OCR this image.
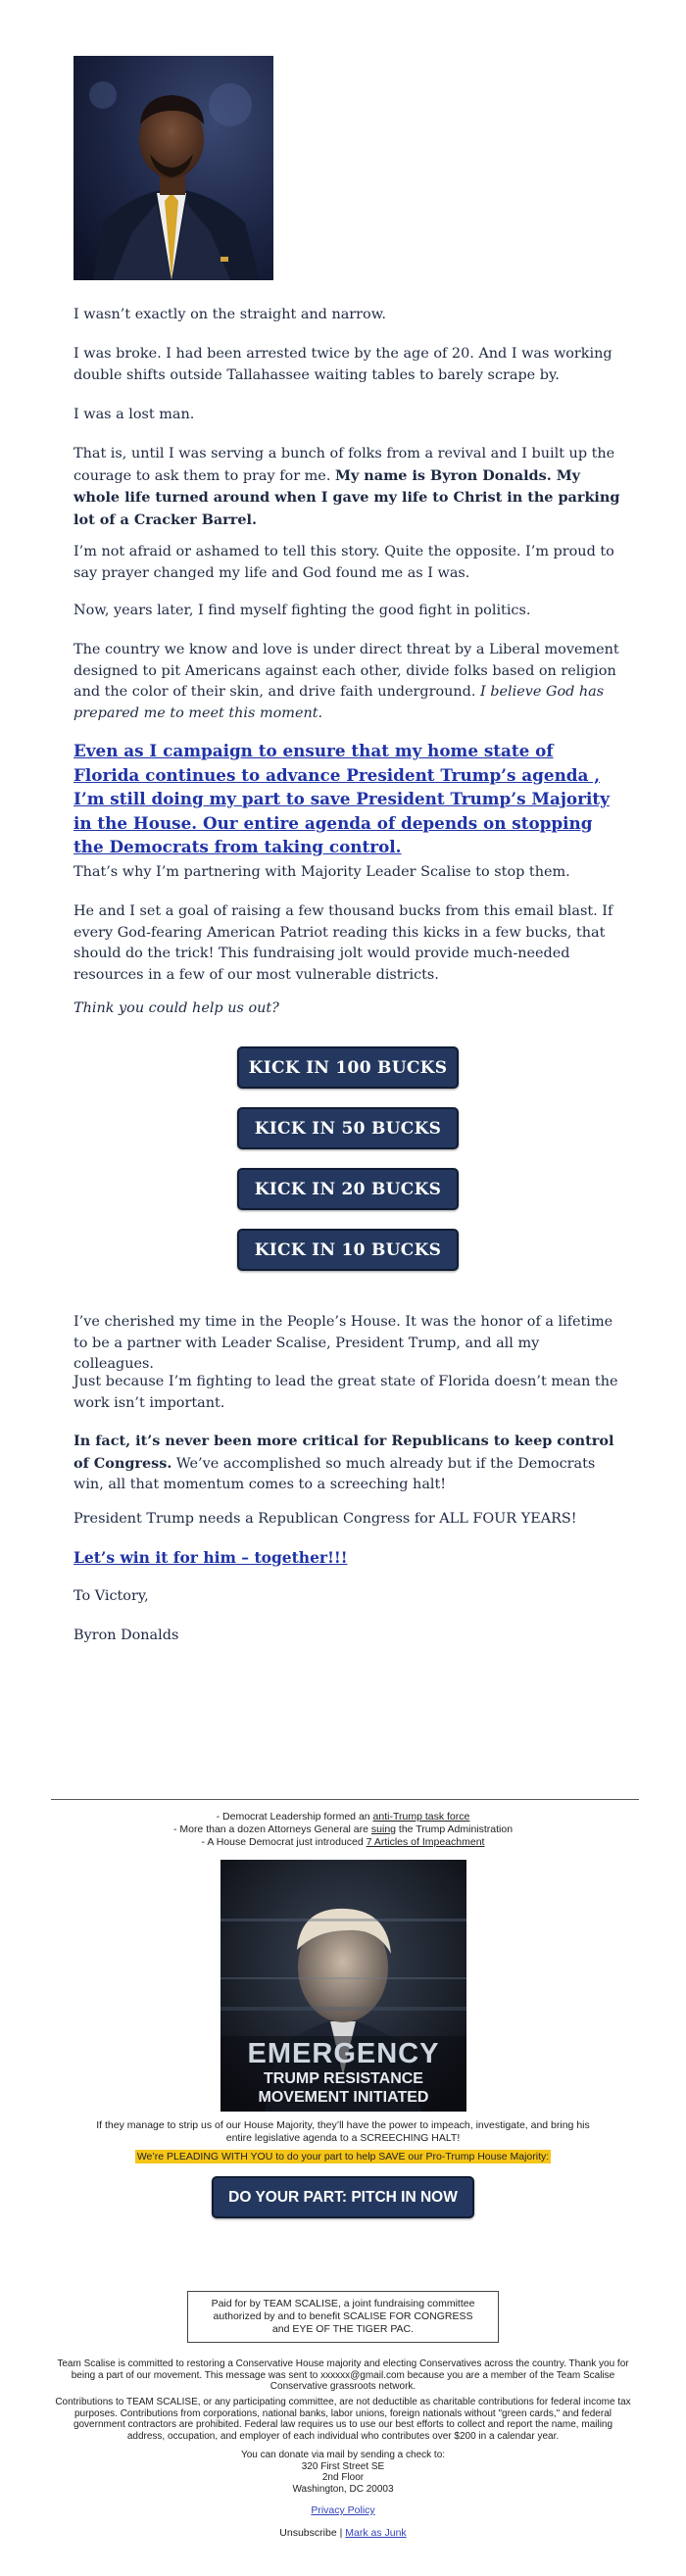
I wasn’t exactly on the straight and narrow.
I was broke. I had been arrested twice by the age of 20. And I was working double shifts outside Tallahassee waiting tables to barely scrape by.
I was a lost man.
That is, until I was serving a bunch of folks from a revival and I built up the courage to ask them to pray for me. My name is Byron Donalds. My whole life turned around when I gave my life to Christ in the parking lot of a Cracker Barrel.
I’m not afraid or ashamed to tell this story. Quite the opposite. I’m proud to say prayer changed my life and God found me as I was.
Now, years later, I find myself fighting the good fight in politics.
The country we know and love is under direct threat by a Liberal movement designed to pit Americans against each other, divide folks based on religion and the color of their skin, and drive faith underground. I believe God has prepared me to meet this moment.
Even as I campaign to ensure that my home state of Florida continues to advance President Trump’s agenda , I’m still doing my part to save President Trump’s Majority in the House. Our entire agenda of depends on stopping the Democrats from taking control.
That’s why I’m partnering with Majority Leader Scalise to stop them.
He and I set a goal of raising a few thousand bucks from this email blast. If every God-fearing American Patriot reading this kicks in a few bucks, that should do the trick! This fundraising jolt would provide much-needed resources in a few of our most vulnerable districts.
Think you could help us out?
KICK IN 100 BUCKS
KICK IN 50 BUCKS
KICK IN 20 BUCKS
KICK IN 10 BUCKS
I’ve cherished my time in the People’s House. It was the honor of a lifetime to be a partner with Leader Scalise, President Trump, and all my colleagues.
Just because I’m fighting to lead the great state of Florida doesn’t mean the work isn’t important.
In fact, it’s never been more critical for Republicans to keep control of Congress. We’ve accomplished so much already but if the Democrats win, all that momentum comes to a screeching halt!
President Trump needs a Republican Congress for ALL FOUR YEARS!
Let’s win it for him – together!!!
To Victory,
Byron Donalds
- Democrat Leadership formed an anti-Trump task force
- More than a dozen Attorneys General are suing the Trump Administration
- A House Democrat just introduced 7 Articles of Impeachment
EMERGENCY
TRUMP RESISTANCE
MOVEMENT INITIATED
If they manage to strip us of our House Majority, they’ll have the power to impeach, investigate, and bring his entire legislative agenda to a SCREECHING HALT!
We’re PLEADING WITH YOU to do your part to help SAVE our Pro-Trump House Majority:
DO YOUR PART: PITCH IN NOW
Paid for by TEAM SCALISE, a joint fundraising committee authorized by and to benefit SCALISE FOR CONGRESS and EYE OF THE TIGER PAC.
Team Scalise is committed to restoring a Conservative House majority and electing Conservatives across the country. Thank you for being a part of our movement. This message was sent to xxxxxx@gmail.com because you are a member of the Team Scalise Conservative grassroots network.
Contributions to TEAM SCALISE, or any participating committee, are not deductible as charitable contributions for federal income tax purposes. Contributions from corporations, national banks, labor unions, foreign nationals without "green cards," and federal government contractors are prohibited. Federal law requires us to use our best efforts to collect and report the name, mailing address, occupation, and employer of each individual who contributes over $200 in a calendar year.
You can donate via mail by sending a check to:
320 First Street SE
2nd Floor
Washington, DC 20003
Privacy Policy
Unsubscribe | Mark as Junk
